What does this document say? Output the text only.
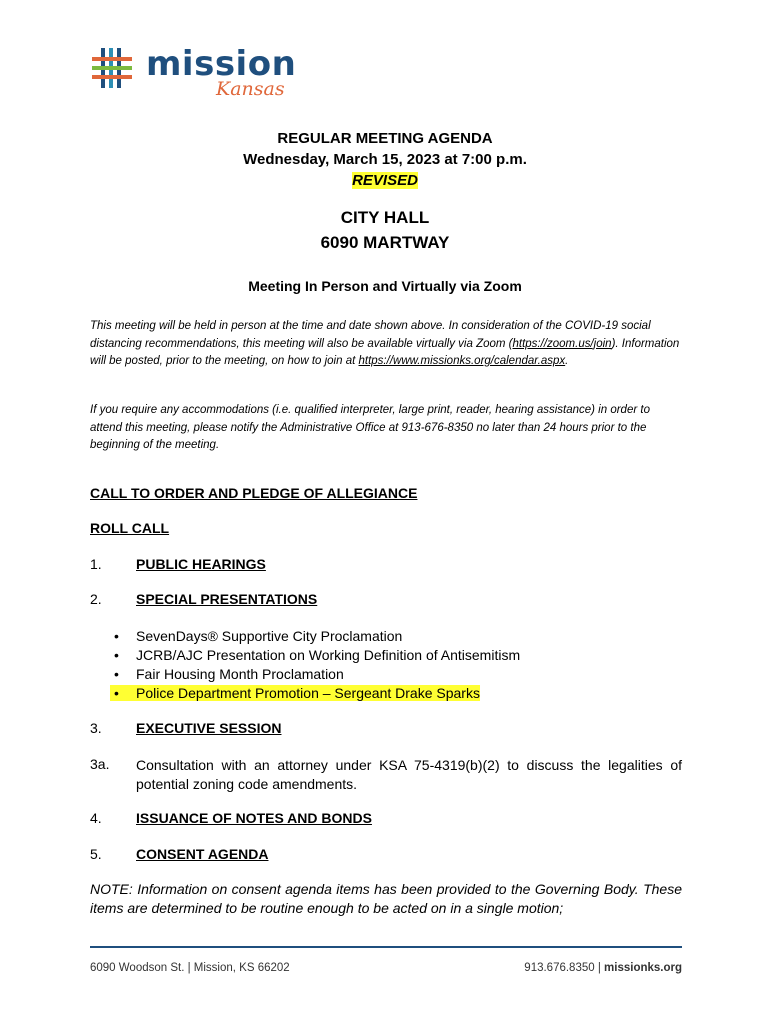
mission
Kansas
REGULAR MEETING AGENDA
Wednesday, March 15, 2023 at 7:00 p.m.
REVISED
CITY HALL
6090 MARTWAY
Meeting In Person and Virtually via Zoom
This meeting will be held in person at the time and date shown above. In consideration of the COVID-19 social distancing recommendations, this meeting will also be available virtually via Zoom (https://zoom.us/join). Information will be posted, prior to the meeting, on how to join at https://www.missionks.org/calendar.aspx.
If you require any accommodations (i.e. qualified interpreter, large print, reader, hearing assistance) in order to attend this meeting, please notify the Administrative Office at 913-676-8350 no later than 24 hours prior to the beginning of the meeting.
CALL TO ORDER AND PLEDGE OF ALLEGIANCE
ROLL CALL
1. PUBLIC HEARINGS
2. SPECIAL PRESENTATIONS
• SevenDays® Supportive City Proclamation
• JCRB/AJC Presentation on Working Definition of Antisemitism
• Fair Housing Month Proclamation
• Police Department Promotion – Sergeant Drake Sparks
3. EXECUTIVE SESSION
3a. Consultation with an attorney under KSA 75-4319(b)(2) to discuss the legalities of potential zoning code amendments.
4. ISSUANCE OF NOTES AND BONDS
5. CONSENT AGENDA
NOTE: Information on consent agenda items has been provided to the Governing Body. These items are determined to be routine enough to be acted on in a single motion;
6090 Woodson St. | Mission, KS 66202	913.676.8350 | missionks.org
